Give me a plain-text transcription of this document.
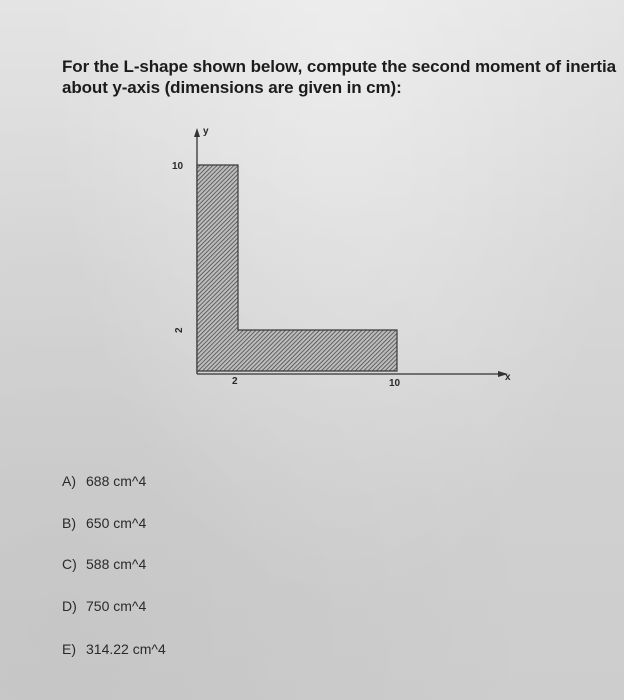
For the L-shape shown below, compute the second moment of inertia
about y-axis (dimensions are given in cm):
y
x
10
2
2	10
A) 688 cm^4
B) 650 cm^4
C) 588 cm^4
D) 750 cm^4
E) 314.22 cm^4
